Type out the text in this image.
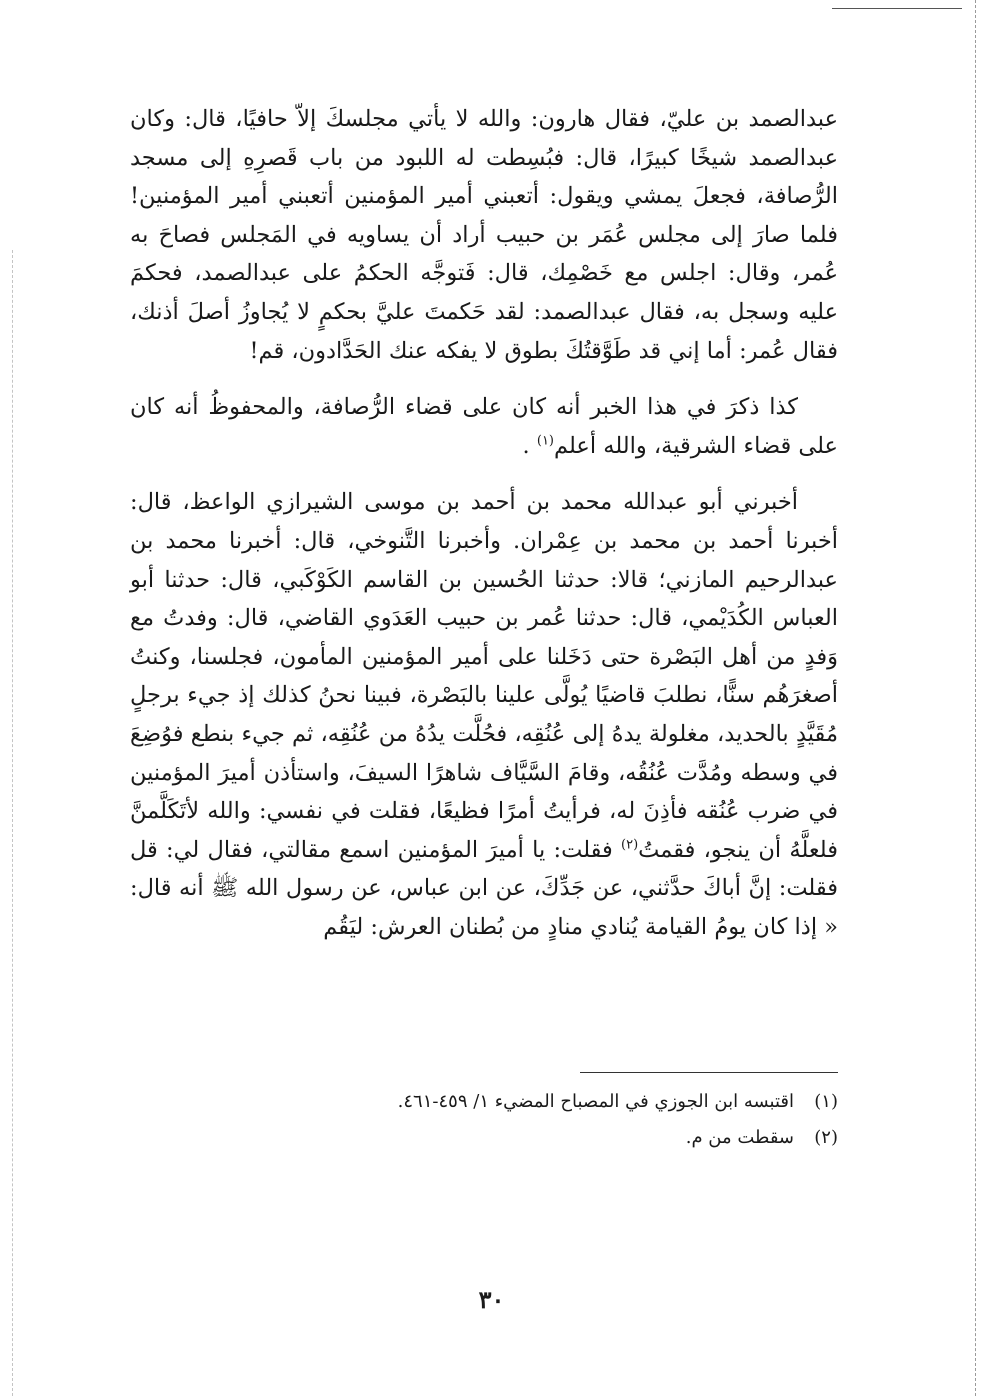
عبدالصمد بن عليّ، فقال هارون: والله لا يأتي مجلسكَ إلاّ حافيًا، قال: وكان عبدالصمد شيخًا كبيرًا، قال: فبُسِطت له اللبود من باب قَصرِهِ إلى مسجد الرُّصافة، فجعلَ يمشي ويقول: أتعبني أمير المؤمنين أتعبني أمير المؤمنين! فلما صارَ إلى مجلس عُمَر بن حبيب أراد أن يساويه في المَجلس فصاحَ به عُمر، وقال: اجلس مع خَصْمِك، قال: فَتوجَّه الحكمُ على عبدالصمد، فحكمَ عليه وسجل به، فقال عبدالصمد: لقد حَكمتَ عليَّ بحكمٍ لا يُجاوزُ أصلَ أذنك، فقال عُمر: أما إني قد طَوَّقتُكَ بطوق لا يفكه عنك الحَدَّادون، قم!

كذا ذكرَ في هذا الخبر أنه كان على قضاء الرُّصافة، والمحفوظُ أنه كان على قضاء الشرقية، والله أعلم$^{(١)}$ .

أخبرني أبو عبدالله محمد بن أحمد بن موسى الشيرازي الواعظ، قال: أخبرنا أحمد بن محمد بن عِمْران. وأخبرنا التَّنوخي، قال: أخبرنا محمد بن عبدالرحيم المازني؛ قالا: حدثنا الحُسين بن القاسم الكَوْكَبي، قال: حدثنا أبو العباس الكُدَيْمي، قال: حدثنا عُمر بن حبيب العَدَوي القاضي، قال: وفدتُ مع وَفدٍ من أهل البَصْرة حتى دَخَلنا على أمير المؤمنين المأمون، فجلسنا، وكنتُ أصغرَهُم سنًّا، نطلبَ قاضيًا يُولَّى علينا بالبَصْرة، فبينا نحنُ كذلك إذ جيء برجلٍ مُقَيَّدٍ بالحديد، مغلولة يدهُ إلى عُنُقِه، فحُلَّت يدُهُ من عُنُقِه، ثم جيء بنطع فوُضِعَ في وسطه ومُدَّت عُنُقُه، وقامَ السَّيَّاف شاهرًا السيفَ، واستأذن أميرَ المؤمنين في ضرب عُنُقه فأذِنَ له، فرأيتُ أمرًا فظيعًا، فقلت في نفسي: والله لأتَكَلَّمنَّ فلعلَّهُ أن ينجو، فقمتُ$^{(٢)}$ فقلت: يا أميرَ المؤمنين اسمع مقالتي، فقال لي: قل فقلت: إنَّ أباكَ حدَّثني، عن جَدِّكَ، عن ابن عباس، عن رسول الله ﷺ أنه قال: « إذا كان يومُ القيامة يُنادي منادٍ من بُطنان العرش: ليَقُم

(١)اقتبسه ابن الجوزي في المصباح المضيء ١/ ٤٥٩-٤٦١.

(٢)سقطت من م.

٣٠
